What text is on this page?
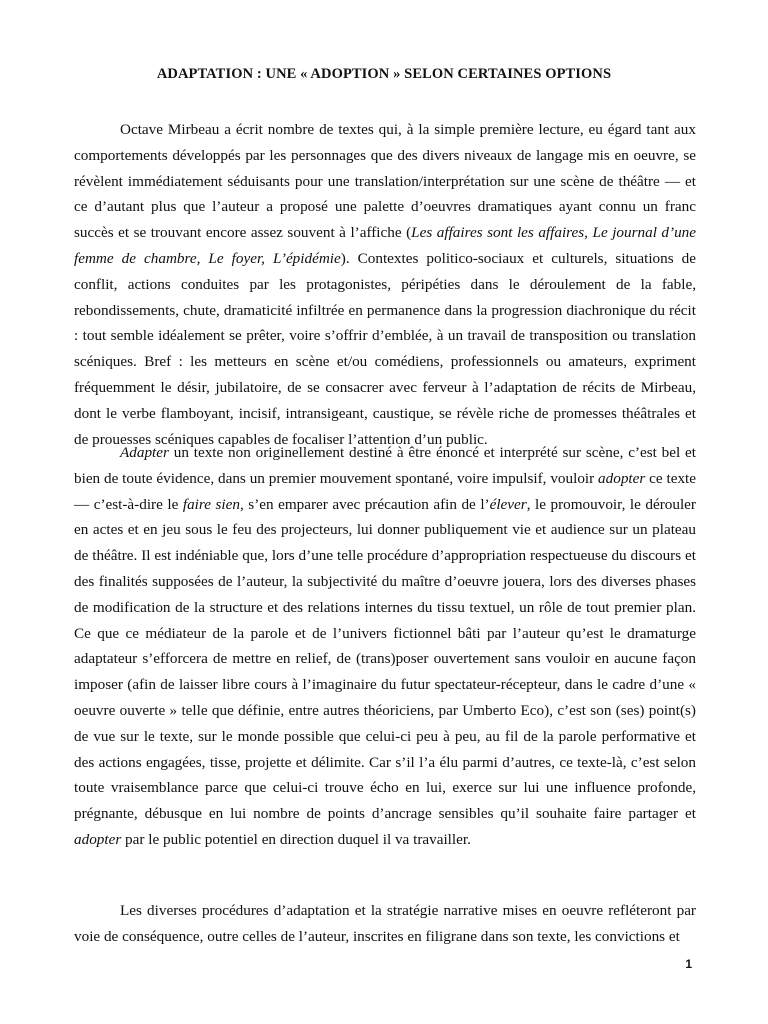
ADAPTATION : UNE « ADOPTION » SELON CERTAINES OPTIONS

Octave Mirbeau a écrit nombre de textes qui, à la simple première lecture, eu égard tant aux comportements développés par les personnages que des divers niveaux de langage mis en oeuvre, se révèlent immédiatement séduisants pour une translation/interprétation sur une scène de théâtre — et ce d’autant plus que l’auteur a proposé une palette d’oeuvres dramatiques ayant connu un franc succès et se trouvant encore assez souvent à l’affiche (Les affaires sont les affaires, Le journal d’une femme de chambre, Le foyer, L’épidémie). Contextes politico-sociaux et culturels, situations de conflit, actions conduites par les protagonistes, péripéties dans le déroulement de la fable, rebondissements, chute, dramaticité infiltrée en permanence dans la progression diachronique du récit : tout semble idéalement se prêter, voire s’offrir d’emblée, à un travail de transposition ou translation scéniques. Bref : les metteurs en scène et/ou comédiens, professionnels ou amateurs, expriment fréquemment le désir, jubilatoire, de se consacrer avec ferveur à l’adaptation de récits de Mirbeau, dont le verbe flamboyant, incisif, intransigeant, caustique, se révèle riche de promesses théâtrales et de prouesses scéniques capables de focaliser l’attention d’un public.

Adapter un texte non originellement destiné à être énoncé et interprété sur scène, c’est bel et bien de toute évidence, dans un premier mouvement spontané, voire impulsif, vouloir adopter ce texte — c’est-à-dire le faire sien, s’en emparer avec précaution afin de l’élever, le promouvoir, le dérouler en actes et en jeu sous le feu des projecteurs, lui donner publiquement vie et audience sur un plateau de théâtre. Il est indéniable que, lors d’une telle procédure d’appropriation respectueuse du discours et des finalités supposées de l’auteur, la subjectivité du maître d’oeuvre jouera, lors des diverses phases de modification de la structure et des relations internes du tissu textuel, un rôle de tout premier plan. Ce que ce médiateur de la parole et de l’univers fictionnel bâti par l’auteur qu’est le dramaturge adaptateur s’efforcera de mettre en relief, de (trans)poser ouvertement sans vouloir en aucune façon imposer (afin de laisser libre cours à l’imaginaire du futur spectateur-récepteur, dans le cadre d’une « oeuvre ouverte » telle que définie, entre autres théoriciens, par Umberto Eco), c’est son (ses) point(s) de vue sur le texte, sur le monde possible que celui-ci peu à peu, au fil de la parole performative et des actions engagées, tisse, projette et délimite. Car s’il l’a élu parmi d’autres, ce texte-là, c’est selon toute vraisemblance parce que celui-ci trouve écho en lui, exerce sur lui une influence profonde, prégnante, débusque en lui nombre de points d’ancrage sensibles qu’il souhaite faire partager et adopter par le public potentiel en direction duquel il va travailler.

Les diverses procédures d’adaptation et la stratégie narrative mises en oeuvre refléteront par voie de conséquence, outre celles de l’auteur, inscrites en filigrane dans son texte, les convictions et

1
